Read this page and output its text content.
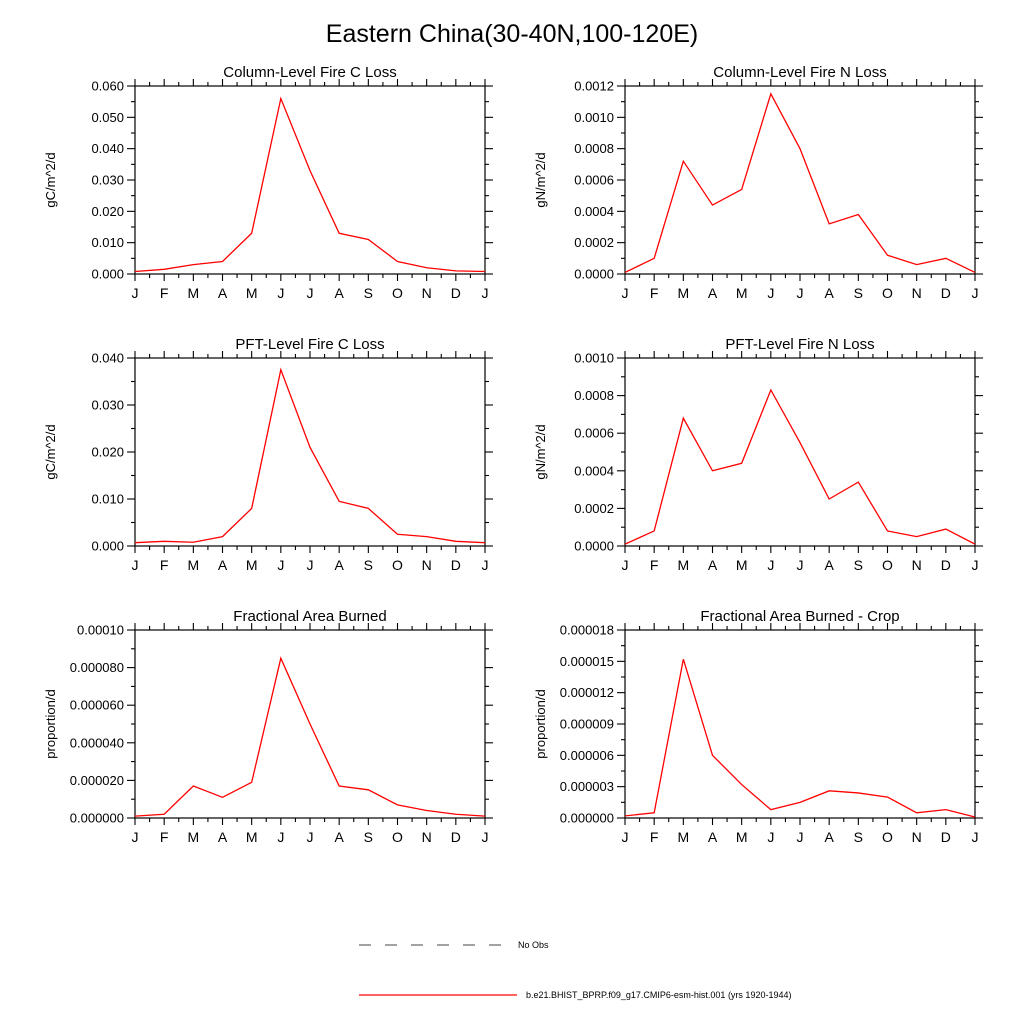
Eastern China(30-40N,100-120E)
Column-Level Fire C Loss
gC/m^2/d
0.000
0.010
0.020
0.030
0.040
0.050
0.060
J F M A M J J A S O N D J
Column-Level Fire N Loss
gN/m^2/d
0.0000
0.0002
0.0004
0.0006
0.0008
0.0010
0.0012
J F M A M J J A S O N D J
PFT-Level Fire C Loss
gC/m^2/d
0.000
0.010
0.020
0.030
0.040
J F M A M J J A S O N D J
PFT-Level Fire N Loss
gN/m^2/d
0.0000
0.0002
0.0004
0.0006
0.0008
0.0010
J F M A M J J A S O N D J
Fractional Area Burned
proportion/d
0.000000
0.000020
0.000040
0.000060
0.000080
0.00010
J F M A M J J A S O N D J
Fractional Area Burned - Crop
proportion/d
0.000000
0.000003
0.000006
0.000009
0.000012
0.000015
0.000018
J F M A M J J A S O N D J
No Obs
b.e21.BHIST_BPRP.f09_g17.CMIP6-esm-hist.001 (yrs 1920-1944)
